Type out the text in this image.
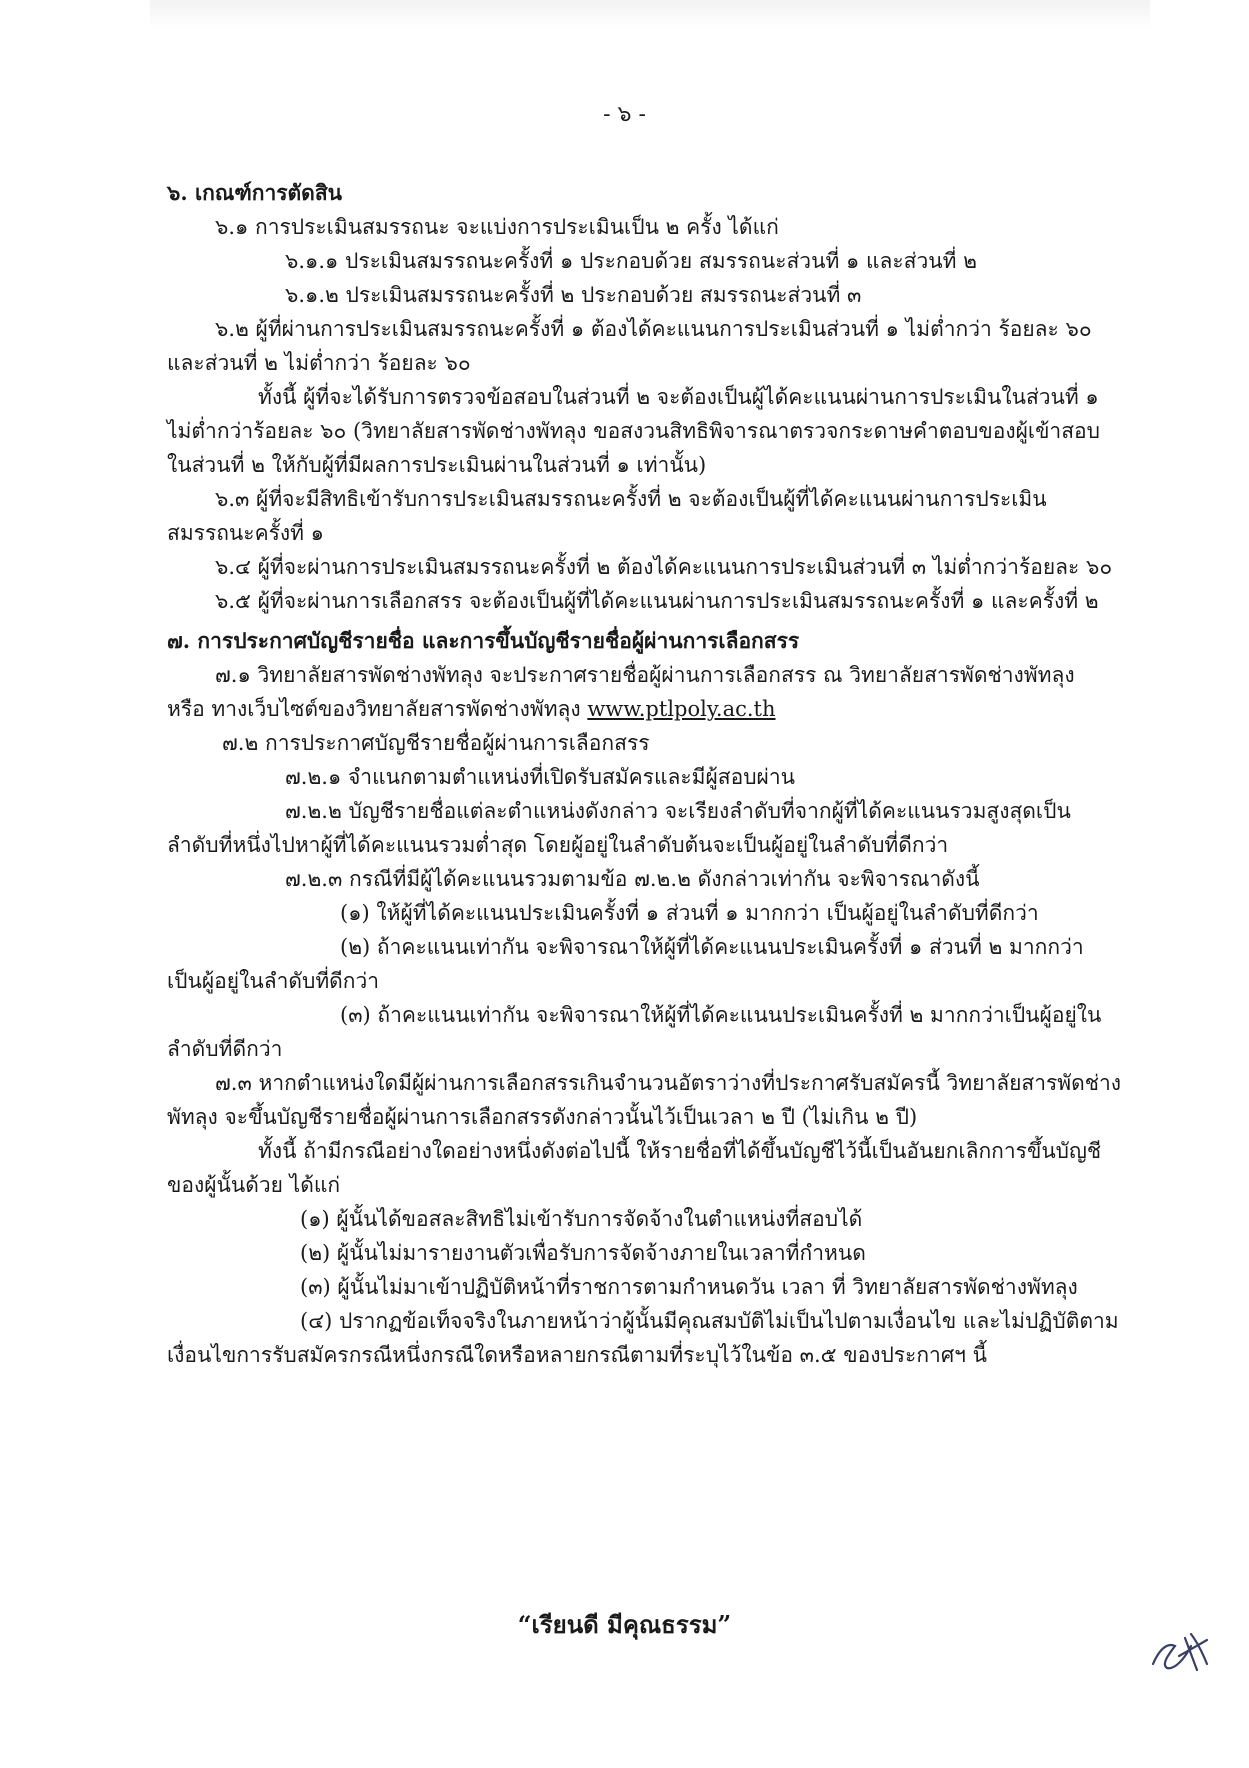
- ๖ -

๖. เกณฑ์การตัดสิน

๖.๑ การประเมินสมรรถนะ จะแบ่งการประเมินเป็น ๒ ครั้ง ได้แก่

๖.๑.๑ ประเมินสมรรถนะครั้งที่ ๑ ประกอบด้วย สมรรถนะส่วนที่ ๑ และส่วนที่ ๒

๖.๑.๒ ประเมินสมรรถนะครั้งที่ ๒ ประกอบด้วย สมรรถนะส่วนที่ ๓

๖.๒ ผู้ที่ผ่านการประเมินสมรรถนะครั้งที่ ๑ ต้องได้คะแนนการประเมินส่วนที่ ๑ ไม่ต่ำกว่า ร้อยละ ๖๐

และส่วนที่ ๒ ไม่ต่ำกว่า ร้อยละ ๖๐

ทั้งนี้ ผู้ที่จะได้รับการตรวจข้อสอบในส่วนที่ ๒ จะต้องเป็นผู้ได้คะแนนผ่านการประเมินในส่วนที่ ๑

ไม่ต่ำกว่าร้อยละ ๖๐ (วิทยาลัยสารพัดช่างพัทลุง ขอสงวนสิทธิพิจารณาตรวจกระดาษคำตอบของผู้เข้าสอบ

ในส่วนที่ ๒ ให้กับผู้ที่มีผลการประเมินผ่านในส่วนที่ ๑ เท่านั้น)

๖.๓ ผู้ที่จะมีสิทธิเข้ารับการประเมินสมรรถนะครั้งที่ ๒ จะต้องเป็นผู้ที่ได้คะแนนผ่านการประเมิน

สมรรถนะครั้งที่ ๑

๖.๔ ผู้ที่จะผ่านการประเมินสมรรถนะครั้งที่ ๒ ต้องได้คะแนนการประเมินส่วนที่ ๓ ไม่ต่ำกว่าร้อยละ ๖๐

๖.๕ ผู้ที่จะผ่านการเลือกสรร จะต้องเป็นผู้ที่ได้คะแนนผ่านการประเมินสมรรถนะครั้งที่ ๑ และครั้งที่ ๒

๗. การประกาศบัญชีรายชื่อ และการขึ้นบัญชีรายชื่อผู้ผ่านการเลือกสรร

๗.๑ วิทยาลัยสารพัดช่างพัทลุง จะประกาศรายชื่อผู้ผ่านการเลือกสรร ณ วิทยาลัยสารพัดช่างพัทลุง

หรือ ทางเว็บไซต์ของวิทยาลัยสารพัดช่างพัทลุง www.ptlpoly.ac.th

๗.๒ การประกาศบัญชีรายชื่อผู้ผ่านการเลือกสรร

๗.๒.๑ จำแนกตามตำแหน่งที่เปิดรับสมัครและมีผู้สอบผ่าน

๗.๒.๒ บัญชีรายชื่อแต่ละตำแหน่งดังกล่าว จะเรียงลำดับที่จากผู้ที่ได้คะแนนรวมสูงสุดเป็น

ลำดับที่หนึ่งไปหาผู้ที่ได้คะแนนรวมต่ำสุด โดยผู้อยู่ในลำดับต้นจะเป็นผู้อยู่ในลำดับที่ดีกว่า

๗.๒.๓ กรณีที่มีผู้ได้คะแนนรวมตามข้อ ๗.๒.๒ ดังกล่าวเท่ากัน จะพิจารณาดังนี้

(๑) ให้ผู้ที่ได้คะแนนประเมินครั้งที่ ๑ ส่วนที่ ๑ มากกว่า เป็นผู้อยู่ในลำดับที่ดีกว่า

(๒) ถ้าคะแนนเท่ากัน จะพิจารณาให้ผู้ที่ได้คะแนนประเมินครั้งที่ ๑ ส่วนที่ ๒ มากกว่า

เป็นผู้อยู่ในลำดับที่ดีกว่า

(๓) ถ้าคะแนนเท่ากัน จะพิจารณาให้ผู้ที่ได้คะแนนประเมินครั้งที่ ๒ มากกว่าเป็นผู้อยู่ใน

ลำดับที่ดีกว่า

๗.๓ หากตำแหน่งใดมีผู้ผ่านการเลือกสรรเกินจำนวนอัตราว่างที่ประกาศรับสมัครนี้ วิทยาลัยสารพัดช่าง

พัทลุง จะขึ้นบัญชีรายชื่อผู้ผ่านการเลือกสรรดังกล่าวนั้นไว้เป็นเวลา ๒ ปี (ไม่เกิน ๒ ปี)

ทั้งนี้ ถ้ามีกรณีอย่างใดอย่างหนึ่งดังต่อไปนี้ ให้รายชื่อที่ได้ขึ้นบัญชีไว้นี้เป็นอันยกเลิกการขึ้นบัญชี

ของผู้นั้นด้วย ได้แก่

(๑) ผู้นั้นได้ขอสละสิทธิไม่เข้ารับการจัดจ้างในตำแหน่งที่สอบได้

(๒) ผู้นั้นไม่มารายงานตัวเพื่อรับการจัดจ้างภายในเวลาที่กำหนด

(๓) ผู้นั้นไม่มาเข้าปฏิบัติหน้าที่ราชการตามกำหนดวัน เวลา ที่ วิทยาลัยสารพัดช่างพัทลุง

(๔) ปรากฏข้อเท็จจริงในภายหน้าว่าผู้นั้นมีคุณสมบัติไม่เป็นไปตามเงื่อนไข และไม่ปฏิบัติตาม

เงื่อนไขการรับสมัครกรณีหนึ่งกรณีใดหรือหลายกรณีตามที่ระบุไว้ในข้อ ๓.๕ ของประกาศฯ นี้

“เรียนดี มีคุณธรรม”
